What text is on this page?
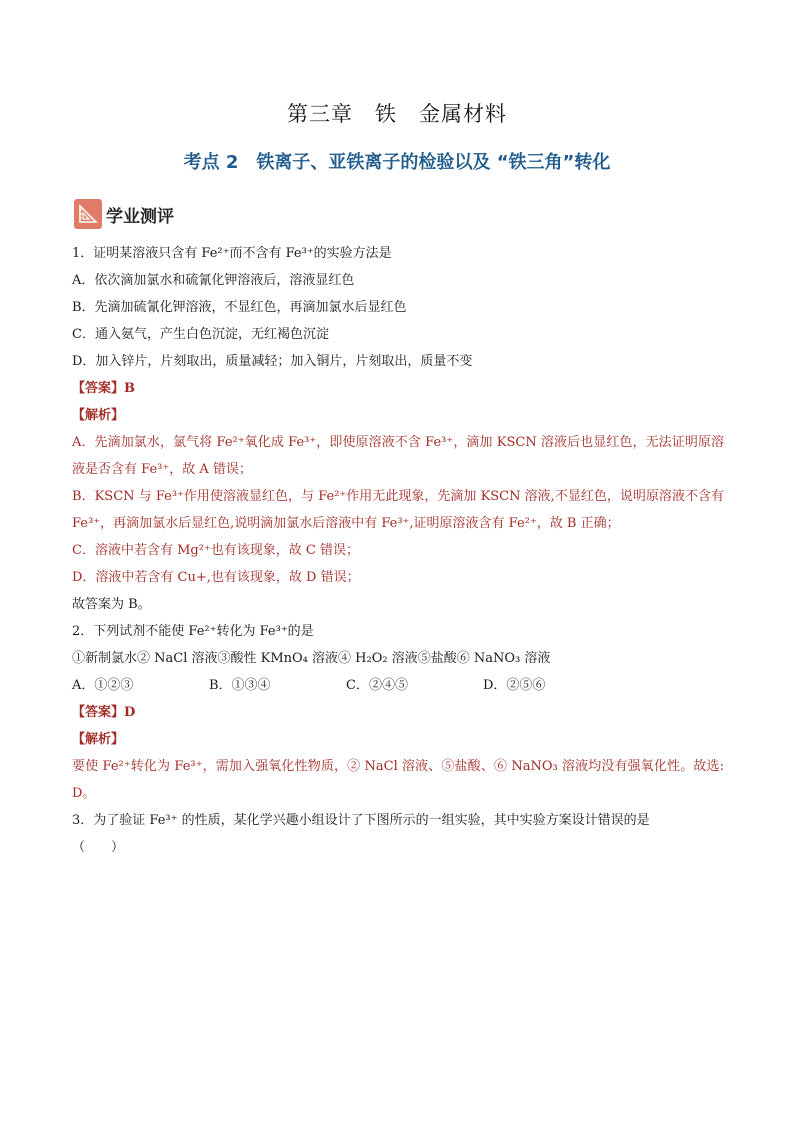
第三章　铁　金属材料
考点 2　铁离子、亚铁离子的检验以及 “铁三角”转化
学业测评
1．证明某溶液只含有 Fe²⁺而不含有 Fe³⁺的实验方法是
A．依次滴加氯水和硫氰化钾溶液后，溶液显红色
B．先滴加硫氰化钾溶液，不显红色，再滴加氯水后显红色
C．通入氨气，产生白色沉淀，无红褐色沉淀
D．加入锌片，片刻取出，质量减轻；加入铜片，片刻取出，质量不变
【答案】B
【解析】
A．先滴加氯水，氯气将 Fe²⁺氧化成 Fe³⁺，即使原溶液不含 Fe³⁺，滴加 KSCN 溶液后也显红色，无法证明原溶液是否含有 Fe³⁺，故 A 错误；
B．KSCN 与 Fe³⁺作用使溶液显红色，与 Fe²⁺作用无此现象，先滴加 KSCN 溶液,不显红色，说明原溶液不含有 Fe³⁺，再滴加氯水后显红色,说明滴加氯水后溶液中有 Fe³⁺,证明原溶液含有 Fe²⁺，故 B 正确；
C．溶液中若含有 Mg²⁺也有该现象，故 C 错误；
D．溶液中若含有 Cu+,也有该现象，故 D 错误；
故答案为 B。
2．下列试剂不能使 Fe²⁺转化为 Fe³⁺的是
①新制氯水② NaCl 溶液③酸性 KMnO₄ 溶液④ H₂O₂ 溶液⑤盐酸⑥ NaNO₃ 溶液
A．①②③	B．①③④	C．②④⑤	D．②⑤⑥
【答案】D
【解析】
要使 Fe²⁺转化为 Fe³⁺，需加入强氧化性物质，② NaCl 溶液、⑤盐酸、⑥ NaNO₃ 溶液均没有强氧化性。故选: D。
3．为了验证 Fe³⁺ 的性质，某化学兴趣小组设计了下图所示的一组实验，其中实验方案设计错误的是
（　　）
